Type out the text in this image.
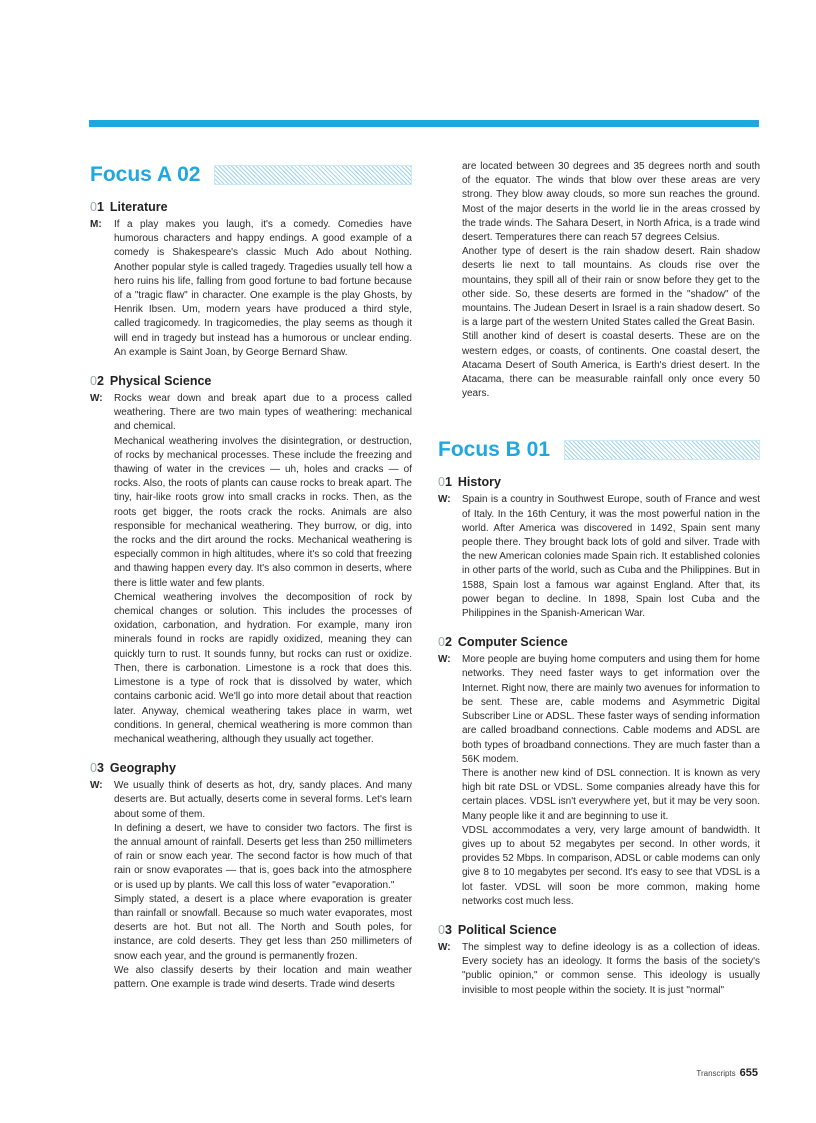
Focus A 02
01 Literature
M:	If a play makes you laugh, it's a comedy. Comedies have humorous characters and happy endings. A good example of a comedy is Shakespeare's classic Much Ado about Nothing. Another popular style is called tragedy. Tragedies usually tell how a hero ruins his life, falling from good fortune to bad fortune because of a "tragic flaw" in character. One example is the play Ghosts, by Henrik Ibsen. Um, modern years have produced a third style, called tragicomedy. In tragicomedies, the play seems as though it will end in tragedy but instead has a humorous or unclear ending. An example is Saint Joan, by George Bernard Shaw.

02 Physical Science
W:	Rocks wear down and break apart due to a process called weathering. There are two main types of weathering: mechanical and chemical.

Mechanical weathering involves the disintegration, or destruction, of rocks by mechanical processes. These include the freezing and thawing of water in the crevices — uh, holes and cracks — of rocks. Also, the roots of plants can cause rocks to break apart. The tiny, hair-like roots grow into small cracks in rocks. Then, as the roots get bigger, the roots crack the rocks. Animals are also responsible for mechanical weathering. They burrow, or dig, into the rocks and the dirt around the rocks. Mechanical weathering is especially common in high altitudes, where it's so cold that freezing and thawing happen every day. It's also common in deserts, where there is little water and few plants.

Chemical weathering involves the decomposition of rock by chemical changes or solution. This includes the processes of oxidation, carbonation, and hydration. For example, many iron minerals found in rocks are rapidly oxidized, meaning they can quickly turn to rust. It sounds funny, but rocks can rust or oxidize. Then, there is carbonation. Limestone is a rock that does this. Limestone is a type of rock that is dissolved by water, which contains carbonic acid. We'll go into more detail about that reaction later. Anyway, chemical weathering takes place in warm, wet conditions. In general, chemical weathering is more common than mechanical weathering, although they usually act together.

03 Geography
W:	We usually think of deserts as hot, dry, sandy places. And many deserts are. But actually, deserts come in several forms. Let's learn about some of them.

In defining a desert, we have to consider two factors. The first is the annual amount of rainfall. Deserts get less than 250 millimeters of rain or snow each year. The second factor is how much of that rain or snow evaporates — that is, goes back into the atmosphere or is used up by plants. We call this loss of water "evaporation."

Simply stated, a desert is a place where evaporation is greater than rainfall or snowfall. Because so much water evaporates, most deserts are hot. But not all. The North and South poles, for instance, are cold deserts. They get less than 250 millimeters of snow each year, and the ground is permanently frozen.

We also classify deserts by their location and main weather pattern. One example is trade wind deserts. Trade wind deserts

are located between 30 degrees and 35 degrees north and south of the equator. The winds that blow over these areas are very strong. They blow away clouds, so more sun reaches the ground. Most of the major deserts in the world lie in the areas crossed by the trade winds. The Sahara Desert, in North Africa, is a trade wind desert. Temperatures there can reach 57 degrees Celsius.

Another type of desert is the rain shadow desert. Rain shadow deserts lie next to tall mountains. As clouds rise over the mountains, they spill all of their rain or snow before they get to the other side. So, these deserts are formed in the "shadow" of the mountains. The Judean Desert in Israel is a rain shadow desert. So is a large part of the western United States called the Great Basin.

Still another kind of desert is coastal deserts. These are on the western edges, or coasts, of continents. One coastal desert, the Atacama Desert of South America, is Earth's driest desert. In the Atacama, there can be measurable rainfall only once every 50 years.

Focus B 01
01 History
W:	Spain is a country in Southwest Europe, south of France and west of Italy. In the 16th Century, it was the most powerful nation in the world. After America was discovered in 1492, Spain sent many people there. They brought back lots of gold and silver. Trade with the new American colonies made Spain rich. It established colonies in other parts of the world, such as Cuba and the Philippines. But in 1588, Spain lost a famous war against England. After that, its power began to decline. In 1898, Spain lost Cuba and the Philippines in the Spanish-American War.

02 Computer Science
W:	More people are buying home computers and using them for home networks. They need faster ways to get information over the Internet. Right now, there are mainly two avenues for information to be sent. These are, cable modems and Asymmetric Digital Subscriber Line or ADSL. These faster ways of sending information are called broadband connections. Cable modems and ADSL are both types of broadband connections. They are much faster than a 56K modem.

There is another new kind of DSL connection. It is known as very high bit rate DSL or VDSL. Some companies already have this for certain places. VDSL isn't everywhere yet, but it may be very soon. Many people like it and are beginning to use it.

VDSL accommodates a very, very large amount of bandwidth. It gives up to about 52 megabytes per second. In other words, it provides 52 Mbps. In comparison, ADSL or cable modems can only give 8 to 10 megabytes per second. It's easy to see that VDSL is a lot faster. VDSL will soon be more common, making home networks cost much less.

03 Political Science
W:	The simplest way to define ideology is as a collection of ideas. Every society has an ideology. It forms the basis of the society's "public opinion," or common sense. This ideology is usually invisible to most people within the society. It is just "normal"

Transcripts 655
